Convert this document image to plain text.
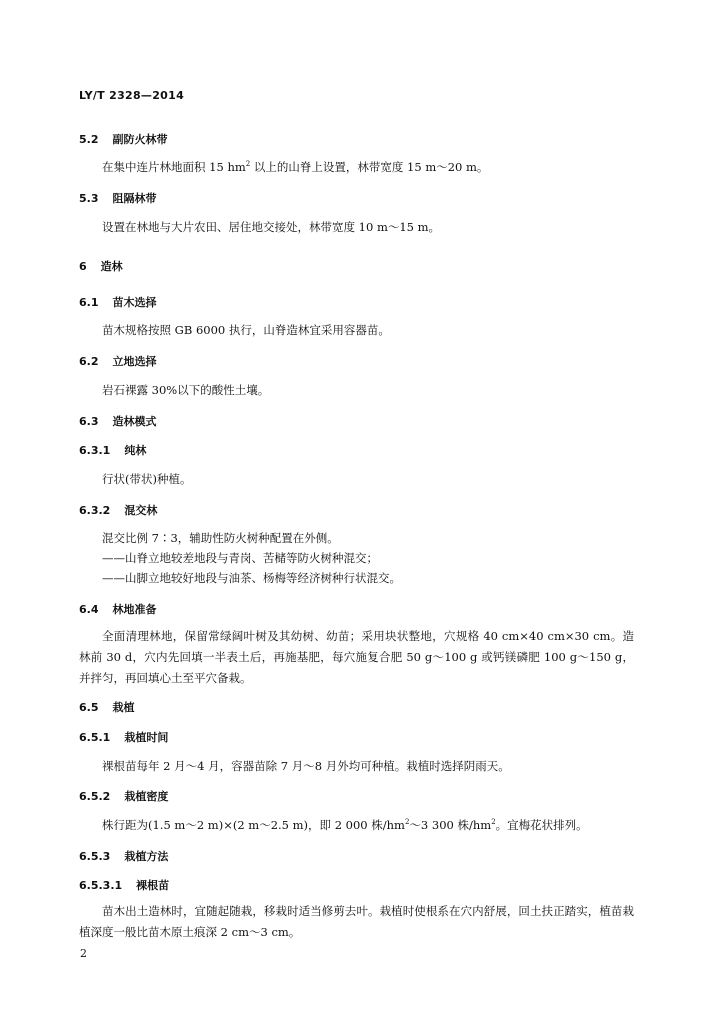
LY/T 2328—2014
5.2 副防火林带
在集中连片林地面积 15 $hm^2$ 以上的山脊上设置，林带宽度 15 m～20 m。
5.3 阻隔林带
设置在林地与大片农田、居住地交接处，林带宽度 10 m～15 m。
6 造林
6.1 苗木选择
苗木规格按照 GB 6000 执行，山脊造林宜采用容器苗。
6.2 立地选择
岩石裸露 30%以下的酸性土壤。
6.3 造林模式
6.3.1 纯林
行状(带状)种植。
6.3.2 混交林
混交比例 7∶3，辅助性防火树种配置在外侧。
——山脊立地较差地段与青岗、苦槠等防火树种混交；
——山脚立地较好地段与油茶、杨梅等经济树种行状混交。
6.4 林地准备
全面清理林地，保留常绿阔叶树及其幼树、幼苗；采用块状整地，穴规格 40 cm×40 cm×30 cm。造林前 30 d，穴内先回填一半表土后，再施基肥，每穴施复合肥 50 g～100 g 或钙镁磷肥 100 g～150 g，并拌匀，再回填心土至平穴备栽。
6.5 栽植
6.5.1 栽植时间
裸根苗每年 2 月～4 月，容器苗除 7 月～8 月外均可种植。栽植时选择阴雨天。
6.5.2 栽植密度
株行距为(1.5 m～2 m)×(2 m～2.5 m)，即 2 000 株$/hm^2\sim 3$ 300 株$/hm^2$。宜梅花状排列。
6.5.3 栽植方法
6.5.3.1 裸根苗
苗木出土造林时，宜随起随栽，移栽时适当修剪去叶。栽植时使根系在穴内舒展，回土扶正踏实，植苗栽植深度一般比苗木原土痕深 2 cm～3 cm。
2
